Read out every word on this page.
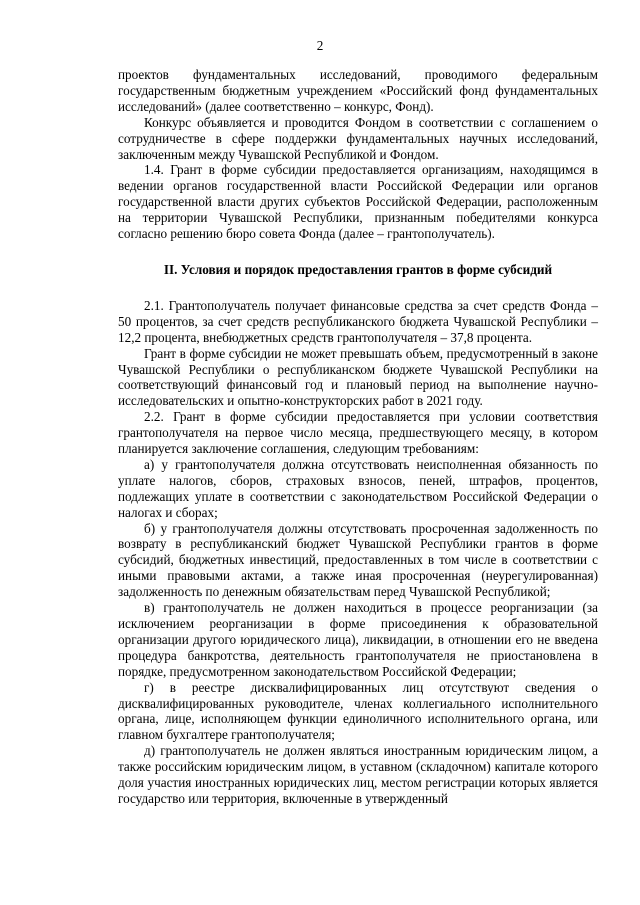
2

проектов фундаментальных исследований, проводимого федеральным государственным бюджетным учреждением «Российский фонд фундаментальных исследований» (далее соответственно – конкурс, Фонд).

Конкурс объявляется и проводится Фондом в соответствии с соглашением о сотрудничестве в сфере поддержки фундаментальных научных исследований, заключенным между Чувашской Республикой и Фондом.

1.4. Грант в форме субсидии предоставляется организациям, находящимся в ведении органов государственной власти Российской Федерации или органов государственной власти других субъектов Российской Федерации, расположенным на территории Чувашской Республики, признанным победителями конкурса согласно решению бюро совета Фонда (далее – грантополучатель).

II. Условия и порядок предоставления грантов в форме субсидий

2.1. Грантополучатель получает финансовые средства за счет средств Фонда – 50 процентов, за счет средств республиканского бюджета Чувашской Республики – 12,2 процента, внебюджетных средств грантополучателя – 37,8 процента.

Грант в форме субсидии не может превышать объем, предусмотренный в законе Чувашской Республики о республиканском бюджете Чувашской Республики на соответствующий финансовый год и плановый период на выполнение научно-исследовательских и опытно-конструкторских работ в 2021 году.

2.2. Грант в форме субсидии предоставляется при условии соответствия грантополучателя на первое число месяца, предшествующего месяцу, в котором планируется заключение соглашения, следующим требованиям:

а) у грантополучателя должна отсутствовать неисполненная обязанность по уплате налогов, сборов, страховых взносов, пеней, штрафов, процентов, подлежащих уплате в соответствии с законодательством Российской Федерации о налогах и сборах;

б) у грантополучателя должны отсутствовать просроченная задолженность по возврату в республиканский бюджет Чувашской Республики грантов в форме субсидий, бюджетных инвестиций, предоставленных в том числе в соответствии с иными правовыми актами, а также иная просроченная (неурегулированная) задолженность по денежным обязательствам перед Чувашской Республикой;

в) грантополучатель не должен находиться в процессе реорганизации (за исключением реорганизации в форме присоединения к образовательной организации другого юридического лица), ликвидации, в отношении его не введена процедура банкротства, деятельность грантополучателя не приостановлена в порядке, предусмотренном законодательством Российской Федерации;

г) в реестре дисквалифицированных лиц отсутствуют сведения о дисквалифицированных руководителе, членах коллегиального исполнительного органа, лице, исполняющем функции единоличного исполнительного органа, или главном бухгалтере грантополучателя;

д) грантополучатель не должен являться иностранным юридическим лицом, а также российским юридическим лицом, в уставном (складочном) капитале которого доля участия иностранных юридических лиц, местом регистрации которых является государство или территория, включенные в утвержденный
